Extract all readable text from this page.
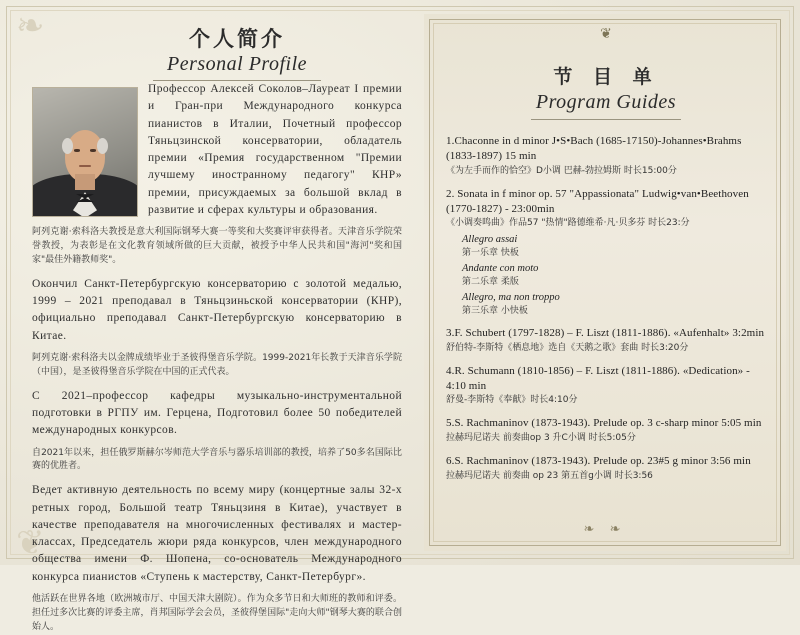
❧
❦
个人简介
Personal Profile

Профессор Алексей Соколов–Лауреат I премии и Гран-при Международного конкурса пианистов в Италии, Почетный профессор Тяньцзинской консерватории, обладатель премии «Премия государственном "Премии лучшему иностранному педагогу" КНР» премии, присуждаемых за большой вклад в развитие и сферах культуры и образования.

阿列克谢·索科洛夫教授是意大利国际钢琴大赛一等奖和大奖赛评审获得者。天津音乐学院荣誉教授，为表彰是在文化教育领域所做的巨大贡献，被授予中华人民共和国"海河"奖和国家"最佳外籍教师奖"。

Окончил Санкт-Петербургскую консерваторию с золотой медалью, 1999 – 2021 преподавал в Тяньцзиньской консерватории (КНР), официально преподавал Санкт-Петербургскую консерваторию в Китае.

阿列克谢·索科洛夫以金牌成绩毕业于圣彼得堡音乐学院。1999-2021年长教于天津音乐学院（中国），是圣彼得堡音乐学院在中国的正式代表。

С 2021–профессор кафедры музыкально-инструментальной подготовки в РГПУ им. Герцена, Подготовил более 50 победителей международных конкурсов.

自2021年以来，担任俄罗斯赫尔岑师范大学音乐与器乐培训部的教授，培养了50多名国际比赛的优胜者。

Ведет активную деятельность по всему миру (концертные залы 32-х ретных город, Большой театр Тяньцзиня в Китае), участвует в качестве преподавателя на многочисленных фестивалях и мастер-классах, Председатель жюри ряда конкурсов, член международного общества имени Ф. Шопена, со-основатель Международного конкурса пианистов «Ступень к мастерству, Санкт-Петербург».

他活跃在世界各地（欧洲城市厅、中国天津大剧院）。作为众多节日和大师班的教师和评委。担任过多次比赛的评委主席，肖邦国际学会会员，圣彼得堡国际"走向大师"钢琴大赛的联合创始人。

❦
节 目 单
Program Guides
1.Chaconne in d minor J•S•Bach (1685-17150)-Johannes•Brahms (1833-1897) 15 min
《为左手而作的恰空》D小调 巴赫-勃拉姆斯 时长15:00分
2. Sonata in f minor op. 57 "Appassionata" Ludwig•van•Beethoven (1770-1827) - 23:00min
《小调奏鸣曲》作品57 "热情"路德维希·凡·贝多芬 时长23:分
Allegro assai
第一乐章 快板
Andante con moto
第二乐章 柔版
Allegro, ma non troppo
第三乐章 小快板
3.F. Schubert (1797-1828) – F. Liszt (1811-1886). «Aufenhalt» 3:2min
舒伯特-李斯特《栖息地》选自《天鹅之歌》套曲 时长3:20分
4.R. Schumann (1810-1856) – F. Liszt (1811-1886). «Dedication» - 4:10 min
舒曼-李斯特《奉献》时长4:10分
5.S. Rachmaninov (1873-1943). Prelude op. 3 c-sharp minor 5:05 min
拉赫玛尼诺夫 前奏曲op 3 升C小调 时长5:05分
6.S. Rachmaninov (1873-1943). Prelude op. 23#5 g minor 3:56 min
拉赫玛尼诺夫 前奏曲 op 23 第五首g小调 时长3:56
❧ ❧
